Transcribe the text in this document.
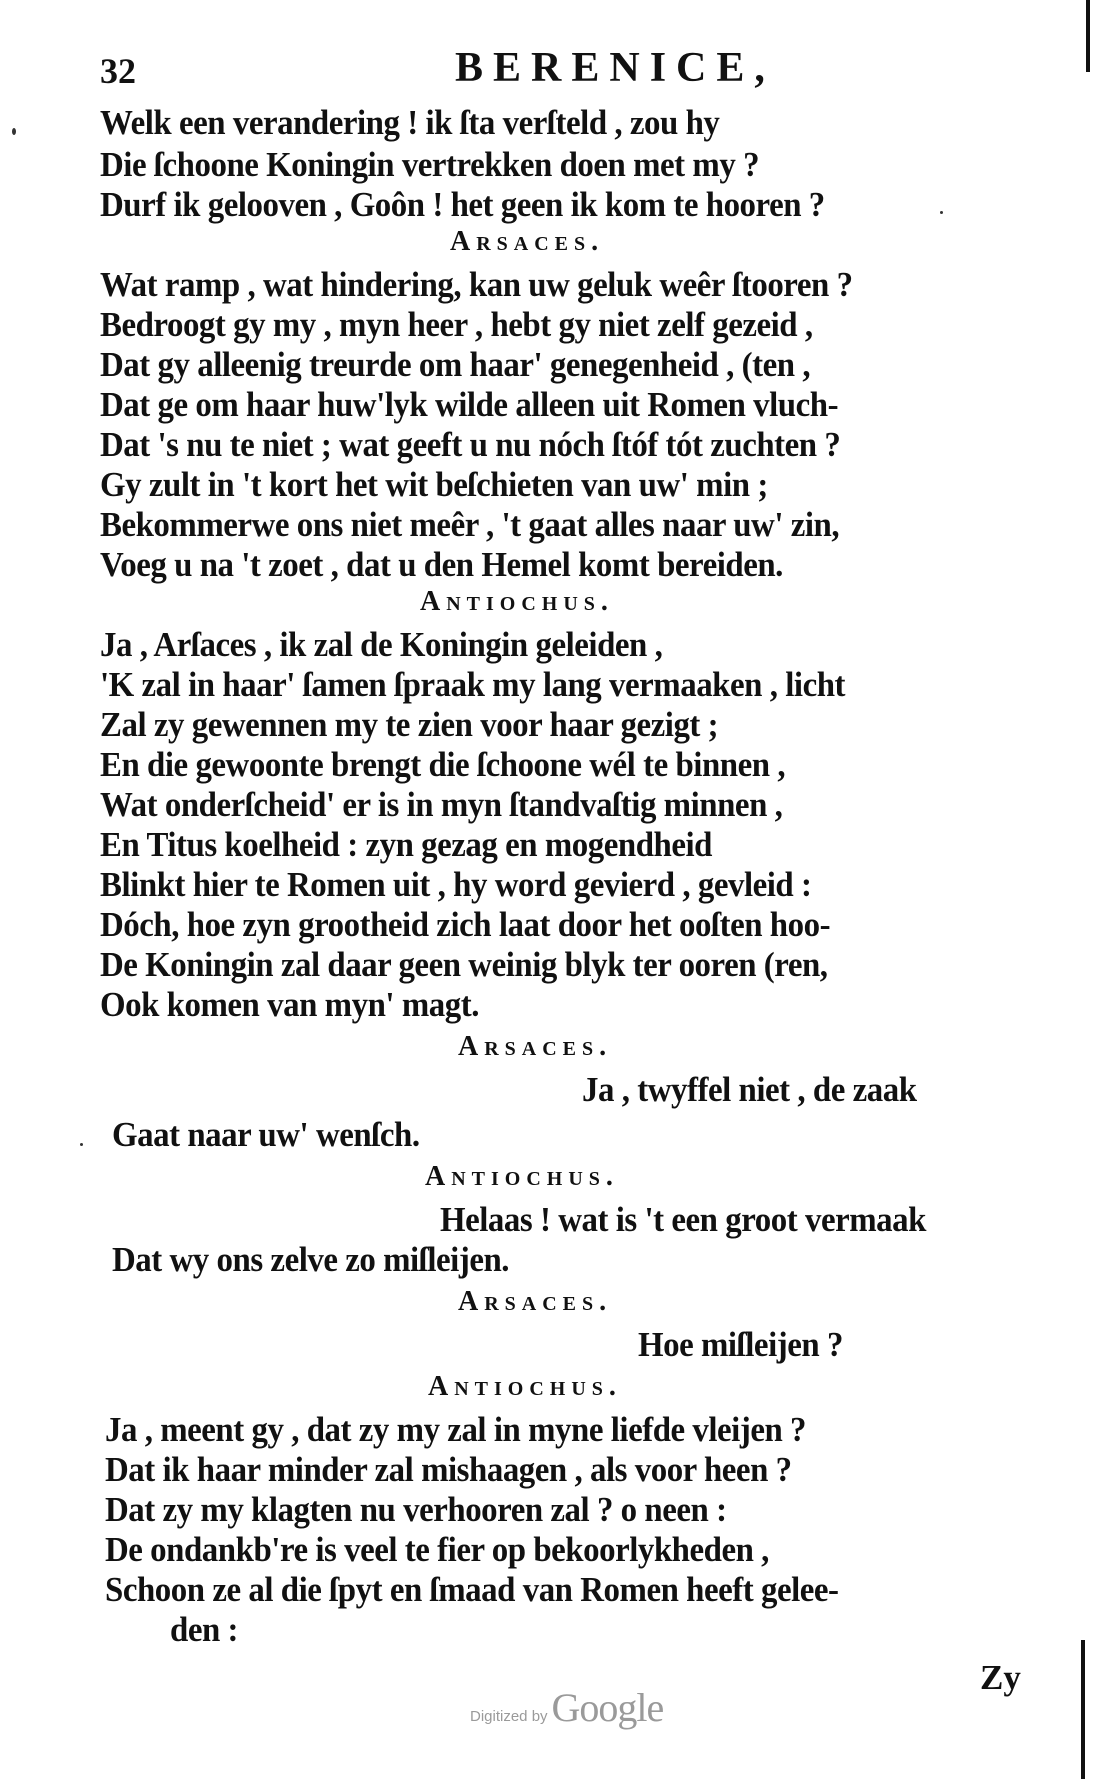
32	BERENICE,
Welk een verandering ! ik ſta verſteld , zou hy
Die ſchoone Koningin vertrekken doen met my ?
Durf ik gelooven , Goôn ! het geen ik kom te hooren ?
Arsaces.
Wat ramp , wat hindering, kan uw geluk weêr ſtooren ?
Bedroogt gy my , myn heer , hebt gy niet zelf gezeid ,
Dat gy alleenig treurde om haar' genegenheid , (ten ,
Dat ge om haar huw'lyk wilde alleen uit Romen vluch-
Dat 's nu te niet ; wat geeft u nu nóch ſtóf tót zuchten ?
Gy zult in 't kort het wit beſchieten van uw' min ;
Bekommerwe ons niet meêr , 't gaat alles naar uw' zin,
Voeg u na 't zoet , dat u den Hemel komt bereiden.
Antiochus.
Ja , Arſaces , ik zal de Koningin geleiden ,
'K zal in haar' ſamen ſpraak my lang vermaaken , licht
Zal zy gewennen my te zien voor haar gezigt ;
En die gewoonte brengt die ſchoone wél te binnen ,
Wat onderſcheid' er is in myn ſtandvaſtig minnen ,
En Titus koelheid : zyn gezag en mogendheid
Blinkt hier te Romen uit , hy word gevierd , gevleid :
Dóch, hoe zyn grootheid zich laat door het ooſten hoo-
De Koningin zal daar geen weinig blyk ter ooren (ren,
Ook komen van myn' magt.
Arsaces.
Ja , twyffel niet , de zaak
Gaat naar uw' wenſch.
Antiochus.
Helaas ! wat is 't een groot vermaak
Dat wy ons zelve zo miſleijen.
Arsaces.
Hoe miſleijen ?
Antiochus.
Ja , meent gy , dat zy my zal in myne liefde vleijen ?
Dat ik haar minder zal mishaagen , als voor heen ?
Dat zy my klagten nu verhooren zal ? o neen :
De ondankb're is veel te fier op bekoorlykheden ,
Schoon ze al die ſpyt en ſmaad van Romen heeft gelee-
den :
Zy
Digitized by Google
